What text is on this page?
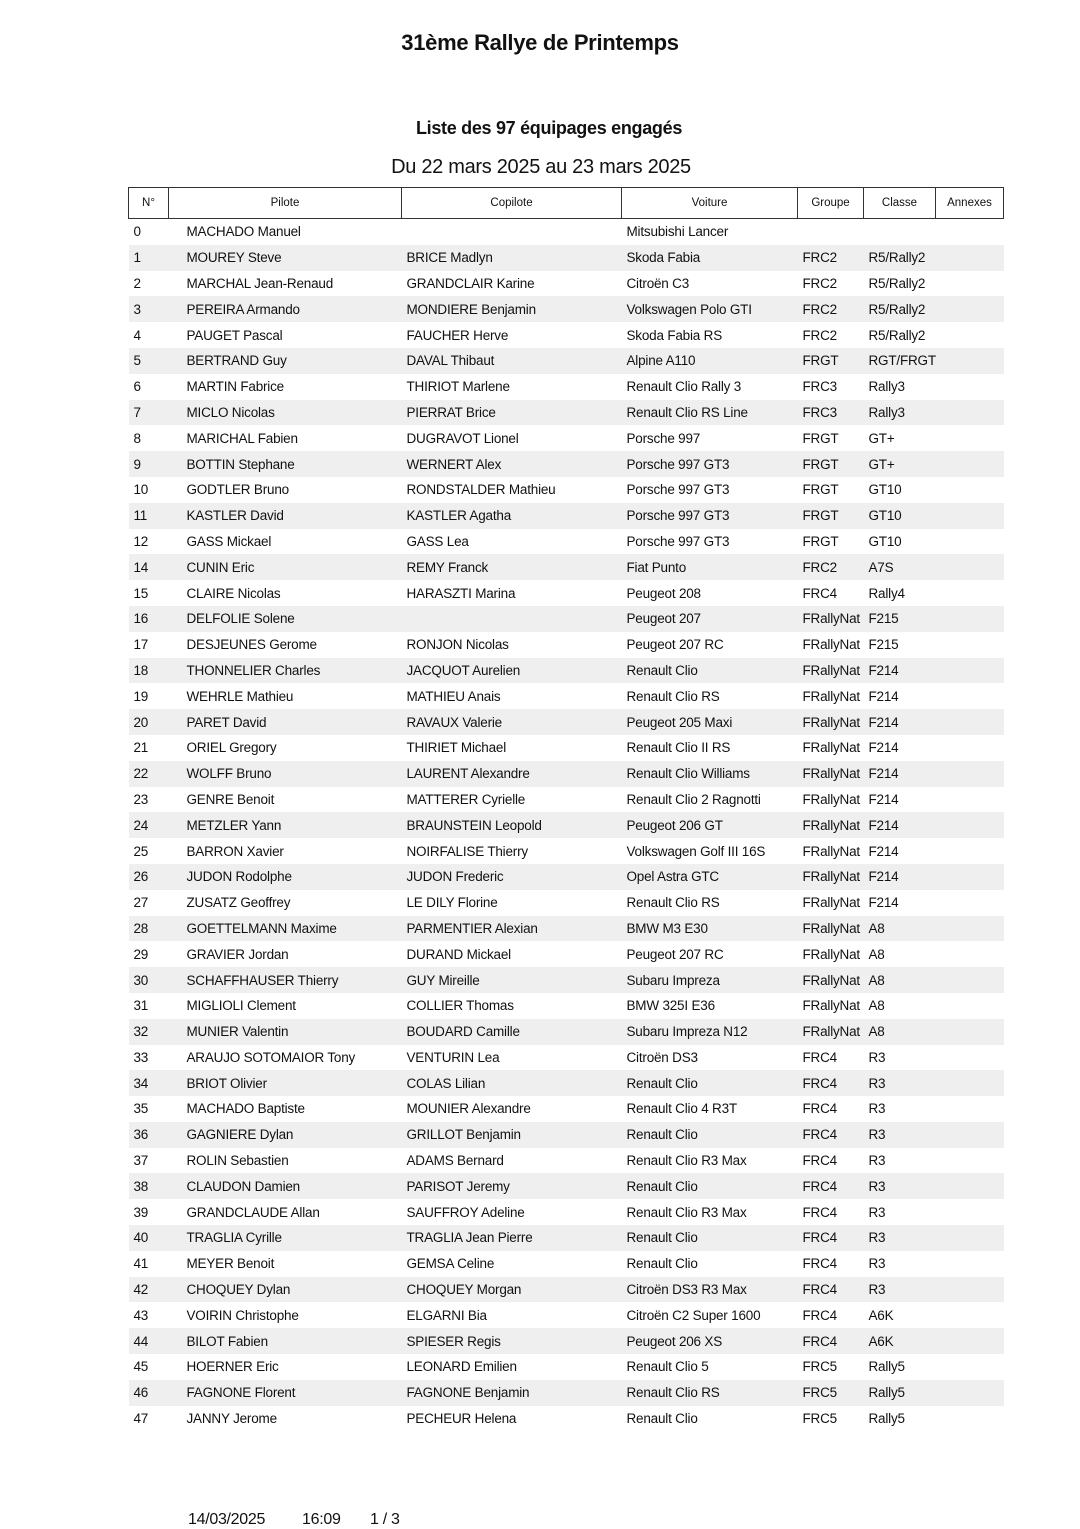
31ème Rallye de Printemps
Liste des 97 équipages engagés
Du 22 mars 2025 au 23 mars 2025
N°	Pilote	Copilote	Voiture	Groupe	Classe	Annexes
0	MACHADO Manuel		Mitsubishi Lancer			
1	MOUREY Steve	BRICE Madlyn	Skoda Fabia	FRC2	R5/Rally2	
2	MARCHAL Jean-Renaud	GRANDCLAIR Karine	Citroën C3	FRC2	R5/Rally2	
3	PEREIRA Armando	MONDIERE Benjamin	Volkswagen Polo GTI	FRC2	R5/Rally2	
4	PAUGET Pascal	FAUCHER Herve	Skoda Fabia RS	FRC2	R5/Rally2	
5	BERTRAND Guy	DAVAL Thibaut	Alpine A110	FRGT	RGT/FRGT	
6	MARTIN Fabrice	THIRIOT Marlene	Renault Clio Rally 3	FRC3	Rally3	
7	MICLO Nicolas	PIERRAT Brice	Renault Clio RS Line	FRC3	Rally3	
8	MARICHAL Fabien	DUGRAVOT Lionel	Porsche 997	FRGT	GT+	
9	BOTTIN Stephane	WERNERT Alex	Porsche 997 GT3	FRGT	GT+	
10	GODTLER Bruno	RONDSTALDER Mathieu	Porsche 997 GT3	FRGT	GT10	
11	KASTLER David	KASTLER Agatha	Porsche 997 GT3	FRGT	GT10	
12	GASS Mickael	GASS Lea	Porsche 997 GT3	FRGT	GT10	
14	CUNIN Eric	REMY Franck	Fiat Punto	FRC2	A7S	
15	CLAIRE Nicolas	HARASZTI Marina	Peugeot 208	FRC4	Rally4	
16	DELFOLIE Solene		Peugeot 207	FRallyNat	F215	
17	DESJEUNES Gerome	RONJON Nicolas	Peugeot 207 RC	FRallyNat	F215	
18	THONNELIER Charles	JACQUOT Aurelien	Renault Clio	FRallyNat	F214	
19	WEHRLE Mathieu	MATHIEU Anais	Renault Clio RS	FRallyNat	F214	
20	PARET David	RAVAUX Valerie	Peugeot 205 Maxi	FRallyNat	F214	
21	ORIEL Gregory	THIRIET Michael	Renault Clio II RS	FRallyNat	F214	
22	WOLFF Bruno	LAURENT Alexandre	Renault Clio Williams	FRallyNat	F214	
23	GENRE Benoit	MATTERER Cyrielle	Renault Clio 2 Ragnotti	FRallyNat	F214	
24	METZLER Yann	BRAUNSTEIN Leopold	Peugeot 206 GT	FRallyNat	F214	
25	BARRON Xavier	NOIRFALISE Thierry	Volkswagen Golf III 16S	FRallyNat	F214	
26	JUDON Rodolphe	JUDON Frederic	Opel Astra GTC	FRallyNat	F214	
27	ZUSATZ Geoffrey	LE DILY Florine	Renault Clio RS	FRallyNat	F214	
28	GOETTELMANN Maxime	PARMENTIER Alexian	BMW M3 E30	FRallyNat	A8	
29	GRAVIER Jordan	DURAND Mickael	Peugeot 207 RC	FRallyNat	A8	
30	SCHAFFHAUSER Thierry	GUY Mireille	Subaru Impreza	FRallyNat	A8	
31	MIGLIOLI Clement	COLLIER Thomas	BMW 325I E36	FRallyNat	A8	
32	MUNIER Valentin	BOUDARD Camille	Subaru Impreza N12	FRallyNat	A8	
33	ARAUJO SOTOMAIOR Tony	VENTURIN Lea	Citroën DS3	FRC4	R3	
34	BRIOT Olivier	COLAS Lilian	Renault Clio	FRC4	R3	
35	MACHADO Baptiste	MOUNIER Alexandre	Renault Clio 4 R3T	FRC4	R3	
36	GAGNIERE Dylan	GRILLOT Benjamin	Renault Clio	FRC4	R3	
37	ROLIN Sebastien	ADAMS Bernard	Renault Clio R3 Max	FRC4	R3	
38	CLAUDON Damien	PARISOT Jeremy	Renault Clio	FRC4	R3	
39	GRANDCLAUDE Allan	SAUFFROY Adeline	Renault Clio R3 Max	FRC4	R3	
40	TRAGLIA Cyrille	TRAGLIA Jean Pierre	Renault Clio	FRC4	R3	
41	MEYER Benoit	GEMSA Celine	Renault Clio	FRC4	R3	
42	CHOQUEY Dylan	CHOQUEY Morgan	Citroën DS3 R3 Max	FRC4	R3	
43	VOIRIN Christophe	ELGARNI Bia	Citroën C2 Super 1600	FRC4	A6K	
44	BILOT Fabien	SPIESER Regis	Peugeot 206 XS	FRC4	A6K	
45	HOERNER Eric	LEONARD Emilien	Renault Clio 5	FRC5	Rally5	
46	FAGNONE Florent	FAGNONE Benjamin	Renault Clio RS	FRC5	Rally5	
47	JANNY Jerome	PECHEUR Helena	Renault Clio	FRC5	Rally5	
14/03/2025 16:09 1 / 3
